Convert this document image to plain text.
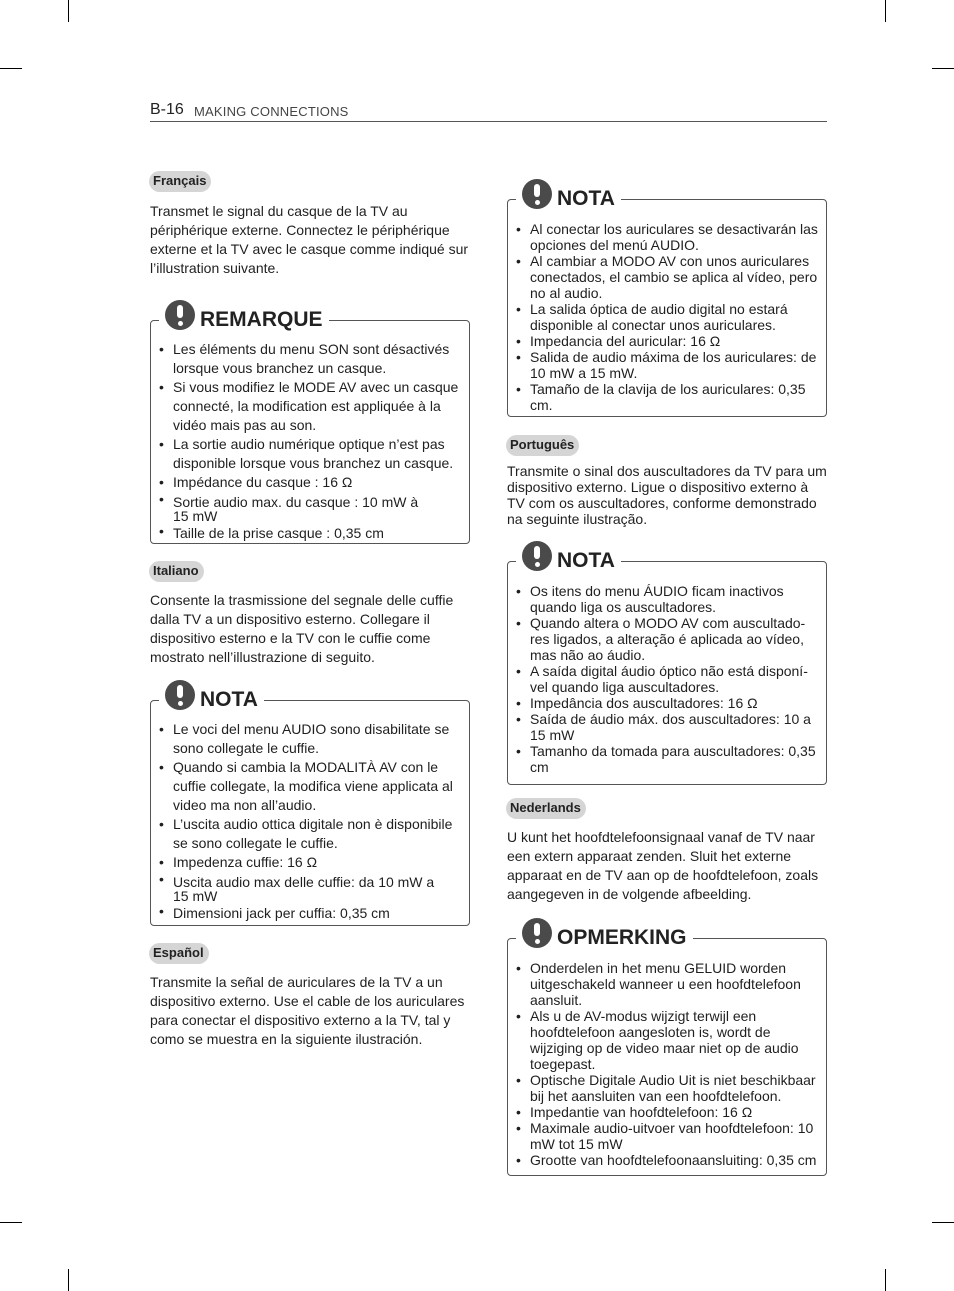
B-16 MAKING CONNECTIONS
Français

Transmet le signal du casque de la TV au périphérique externe. Connectez le périphérique externe et la TV avec le casque comme indiqué sur l’illustration suivante.

REMARQUE
• Les éléments du menu SON sont désactivés lorsque vous branchez un casque.
• Si vous modifiez le MODE AV avec un casque connecté, la modification est appliquée à la vidéo mais pas au son.
• La sortie audio numérique optique n’est pas disponible lorsque vous branchez un casque.
• Impédance du casque : 16 Ω
• Sortie audio max. du casque : 10 mW à 15 mW
• Taille de la prise casque : 0,35 cm
Italiano

Consente la trasmissione del segnale delle cuffie dalla TV a un dispositivo esterno. Collegare il dispositivo esterno e la TV con le cuffie come mostrato nell’illustrazione di seguito.

NOTA
• Le voci del menu AUDIO sono disabilitate se sono collegate le cuffie.
• Quando si cambia la MODALITÀ AV con le cuffie collegate, la modifica viene applicata al video ma non all’audio.
• L’uscita audio ottica digitale non è disponibile se sono collegate le cuffie.
• Impedenza cuffie: 16 Ω
• Uscita audio max delle cuffie: da 10 mW a 15 mW
• Dimensioni jack per cuffia: 0,35 cm
Español

Transmite la señal de auriculares de la TV a un dispositivo externo. Use el cable de los auriculares para conectar el dispositivo externo a la TV, tal y como se muestra en la siguiente ilustración.

NOTA
• Al conectar los auriculares se desactivarán las opciones del menú AUDIO.
• Al cambiar a MODO AV con unos auriculares conectados, el cambio se aplica al vídeo, pero no al audio.
• La salida óptica de audio digital no estará disponible al conectar unos auriculares.
• Impedancia del auricular: 16 Ω
• Salida de audio máxima de los auriculares: de 10 mW a 15 mW.
• Tamaño de la clavija de los auriculares: 0,35 cm.
Português

Transmite o sinal dos auscultadores da TV para um dispositivo externo. Ligue o dispositivo externo à TV com os auscultadores, conforme demonstrado na seguinte ilustração.

NOTA
• Os itens do menu ÁUDIO ficam inactivos quando liga os auscultadores.
• Quando altera o MODO AV com auscultado-res ligados, a alteração é aplicada ao vídeo, mas não ao áudio.
• A saída digital áudio óptico não está disponí-vel quando liga auscultadores.
• Impedância dos auscultadores: 16 Ω
• Saída de áudio máx. dos auscultadores: 10 a 15 mW
• Tamanho da tomada para auscultadores: 0,35 cm
Nederlands

U kunt het hoofdtelefoonsignaal vanaf de TV naar een extern apparaat zenden. Sluit het externe apparaat en de TV aan op de hoofdtelefoon, zoals aangegeven in de volgende afbeelding.

OPMERKING
• Onderdelen in het menu GELUID worden uitgeschakeld wanneer u een hoofdtelefoon aansluit.
• Als u de AV-modus wijzigt terwijl een hoofdtelefoon aangesloten is, wordt de wijziging op de video maar niet op de audio toegepast.
• Optische Digitale Audio Uit is niet beschikbaar bij het aansluiten van een hoofdtelefoon.
• Impedantie van hoofdtelefoon: 16 Ω
• Maximale audio-uitvoer van hoofdtelefoon: 10 mW tot 15 mW
• Grootte van hoofdtelefoonaansluiting: 0,35 cm
